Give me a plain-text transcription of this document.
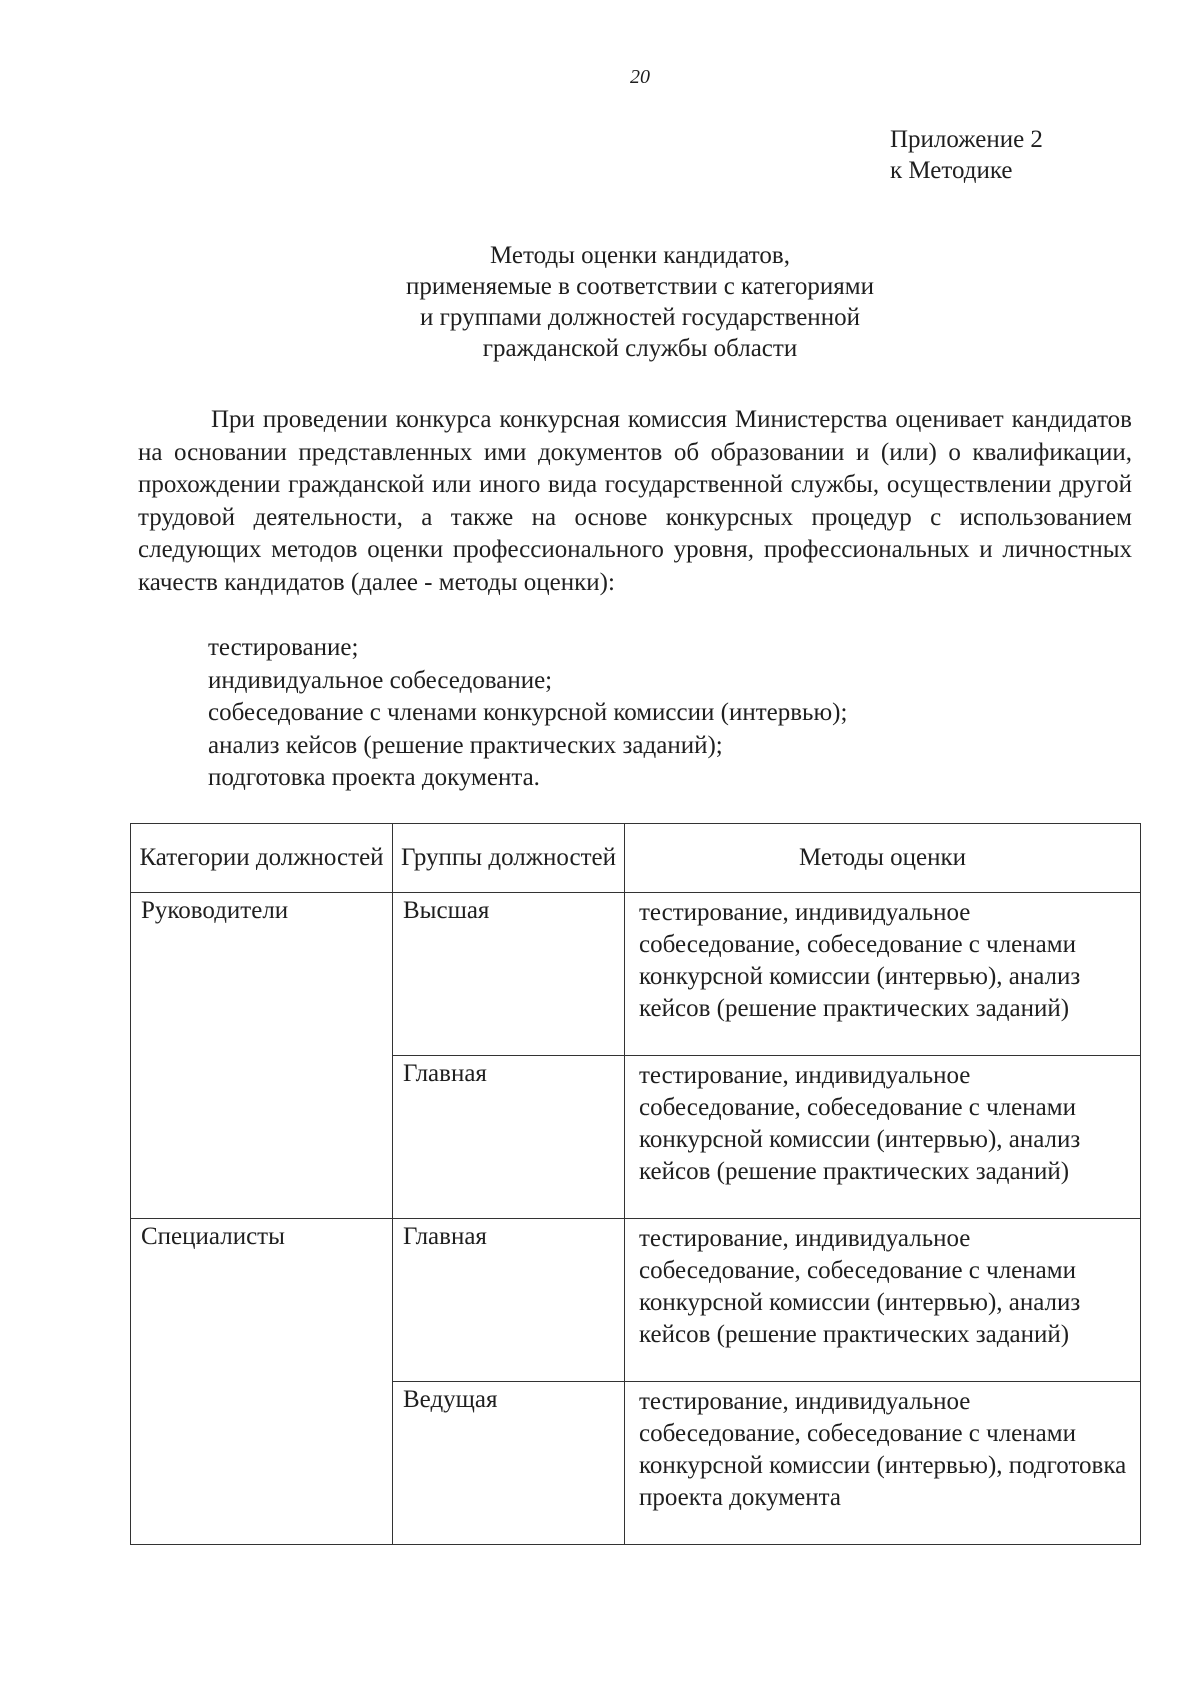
20
Приложение 2
к Методике
Методы оценки кандидатов,
применяемые в соответствии с категориями
и группами должностей государственной
гражданской службы области

При проведении конкурса конкурсная комиссия Министерства оценивает кандидатов на основании представленных ими документов об образовании и (или) о квалификации, прохождении гражданской или иного вида государственной службы, осуществлении другой трудовой деятельности, а также на основе конкурсных процедур с использованием следующих методов оценки профессионального уровня, профессиональных и личностных качеств кандидатов (далее - методы оценки):

тестирование;
индивидуальное собеседование;
собеседование с членами конкурсной комиссии (интервью);
анализ кейсов (решение практических заданий);
подготовка проекта документа.
Категории должностей	Группы должностей	Методы оценки
Руководители	Высшая	тестирование, индивидуальное собеседование, собеседование с членами конкурсной комиссии (интервью), анализ кейсов (решение практических заданий)
	Главная	тестирование, индивидуальное собеседование, собеседование с членами конкурсной комиссии (интервью), анализ кейсов (решение практических заданий)
Специалисты	Главная	тестирование, индивидуальное собеседование, собеседование с членами конкурсной комиссии (интервью), анализ кейсов (решение практических заданий)
	Ведущая	тестирование, индивидуальное собеседование, собеседование с членами конкурсной комиссии (интервью), подготовка проекта документа
